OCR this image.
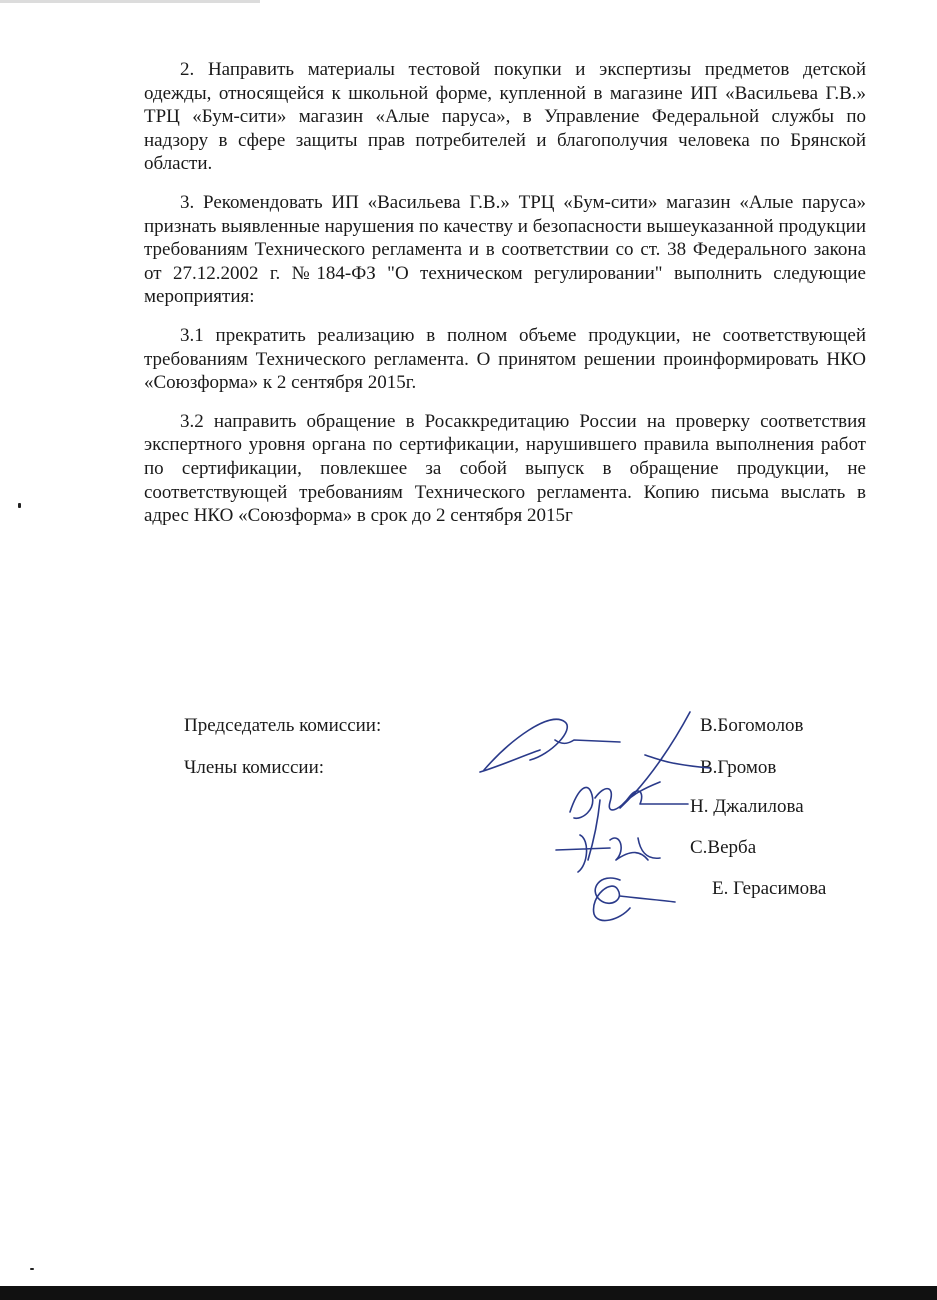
2. Направить материалы тестовой покупки и экспертизы предметов детской одежды, относящейся к школьной форме, купленной в магазине ИП «Васильева Г.В.» ТРЦ «Бум-сити» магазин «Алые паруса», в Управление Федеральной службы по надзору в сфере защиты прав потребителей и благополучия человека по Брянской области.

3. Рекомендовать ИП «Васильева Г.В.» ТРЦ «Бум-сити» магазин «Алые паруса» признать выявленные нарушения по качеству и безопасности вышеуказанной продукции требованиям Технического регламента и в соответствии со ст. 38 Федерального закона от 27.12.2002 г. №184-ФЗ "О техническом регулировании" выполнить следующие мероприятия:

3.1 прекратить реализацию в полном объеме продукции, не соответствующей требованиям Технического регламента. О принятом решении проинформировать НКО «Союзформа» к 2 сентября 2015г.

3.2 направить обращение в Росаккредитацию России на проверку соответствия экспертного уровня органа по сертификации, нарушившего правила выполнения работ по сертификации, повлекшее за собой выпуск в обращение продукции, не соответствующей требованиям Технического регламента. Копию письма выслать в адрес НКО «Союзформа» в срок до 2 сентября 2015г

Председатель комиссии:
Члены комиссии:
В.Богомолов
В.Громов
Н. Джалилова
С.Верба
Е. Герасимова
